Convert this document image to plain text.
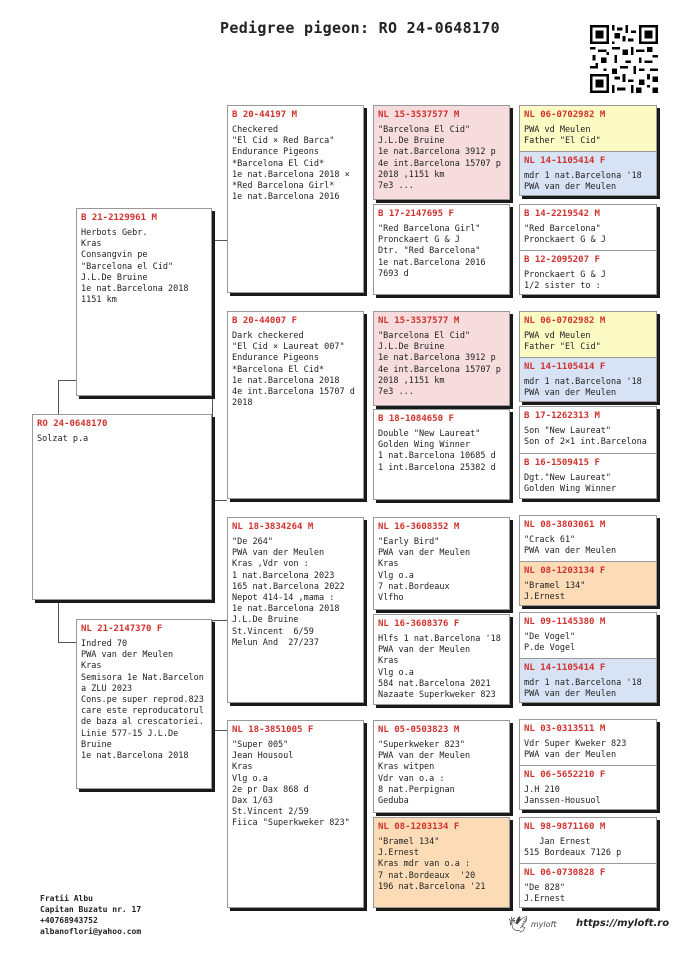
Pedigree pigeon: RO 24-0648170
RO 24-0648170
Solzat p.a
B 21-2129961 M
Herbots Gebr.
Kras
Consangvin pe
"Barcelona el Cid"
J.L.De Bruine
1e nat.Barcelona 2018
1151 km
NL 21-2147370 F
Indred 70
PWA van der Meulen
Kras
Semisora 1e Nat.Barcelon
a ZLU 2023
Cons.pe super reprod.823
care este reproducatorul
de baza al crescatoriei.
Linie 577-15 J.L.De
Bruine
1e nat.Barcelona 2018
B 20-44197 M
Checkered
"El Cid × Red Barca"
Endurance Pigeons
*Barcelona El Cid*
1e nat.Barcelona 2018 ×
*Red Barcelona Girl*
1e nat.Barcelona 2016
B 20-44007 F
Dark checkered
"El Cid × Laureat 007"
Endurance Pigeons
*Barcelona El Cid*
1e nat.Barcelona 2018
4e int.Barcelona 15707 d
2018
NL 18-3834264 M
"De 264"
PWA van der Meulen
Kras ,Vdr von :
1 nat.Barcelona 2023
165 nat.Barcelona 2022
Nepot 414-14 ,mama :
1e nat.Barcelona 2018
J.L.De Bruine
St.Vincent  6/59
Melun And  27/237
NL 18-3851005 F
"Super 005"
Jean Housoul
Kras
Vlg o.a
2e pr Dax 868 d
Dax 1/63
St.Vincent 2/59
Fiica "Superkweker 823"
NL 15-3537577 M
"Barcelona El Cid"
J.L.De Bruine
1e nat.Barcelona 3912 p
4e int.Barcelona 15707 p
2018 ,1151 km
7e3 ...
B 17-2147695 F
"Red Barcelona Girl"
Pronckaert G & J
Dtr. "Red Barcelona"
1e nat.Barcelona 2016
7693 d
NL 15-3537577 M
"Barcelona El Cid"
J.L.De Bruine
1e nat.Barcelona 3912 p
4e int.Barcelona 15707 p
2018 ,1151 km
7e3 ...
B 18-1084650 F
Double "New Laureat"
Golden Wing Winner
1 nat.Barcelona 10685 d
1 int.Barcelona 25382 d
NL 16-3608352 M
"Early Bird"
PWA van der Meulen
Kras
Vlg o.a
7 nat.Bordeaux
Vlfho
NL 16-3608376 F
Hlfs 1 nat.Barcelona '18
PWA van der Meulen
Kras
Vlg o.a
584 nat.Barcelona 2021
Nazaate Superkweker 823
NL 05-0503823 M
"Superkweker 823"
PWA van der Meulen
Kras witpen
Vdr van o.a :
8 nat.Perpignan
Geduba
NL 08-1203134 F
"Bramel 134"
J.Ernest
Kras mdr van o.a :
7 nat.Bordeaux  '20
196 nat.Barcelona '21
NL 06-0702982 M
PWA vd Meulen
Father "El Cid"
NL 14-1105414 F
mdr 1 nat.Barcelona '18
PWA van der Meulen
B 14-2219542 M
"Red Barcelona"
Pronckaert G & J
B 12-2095207 F
Pronckaert G & J
1/2 sister to :
NL 06-0702982 M
PWA vd Meulen
Father "El Cid"
NL 14-1105414 F
mdr 1 nat.Barcelona '18
PWA van der Meulen
B 17-1262313 M
Son "New Laureat"
Son of 2×1 int.Barcelona
B 16-1509415 F
Dgt."New Laureat"
Golden Wing Winner
NL 08-3803061 M
"Crack 61"
PWA van der Meulen
NL 08-1203134 F
"Bramel 134"
J.Ernest
NL 09-1145380 M
"De Vogel"
P.de Vogel
NL 14-1105414 F
mdr 1 nat.Barcelona '18
PWA van der Meulen
NL 03-0313511 M
Vdr Super Kweker 823
PWA van der Meulen
NL 06-5652210 F
J.H 210
Janssen-Housuol
NL 98-9871160 M
Jan Ernest
515 Bordeaux 7126 p
NL 06-0730828 F
"De 828"
J.Ernest
Fratii Albu
Capitan Buzatu nr. 17
+40768943752
albanoflori@yahoo.com	🕊 myloft https://myloft.ro
